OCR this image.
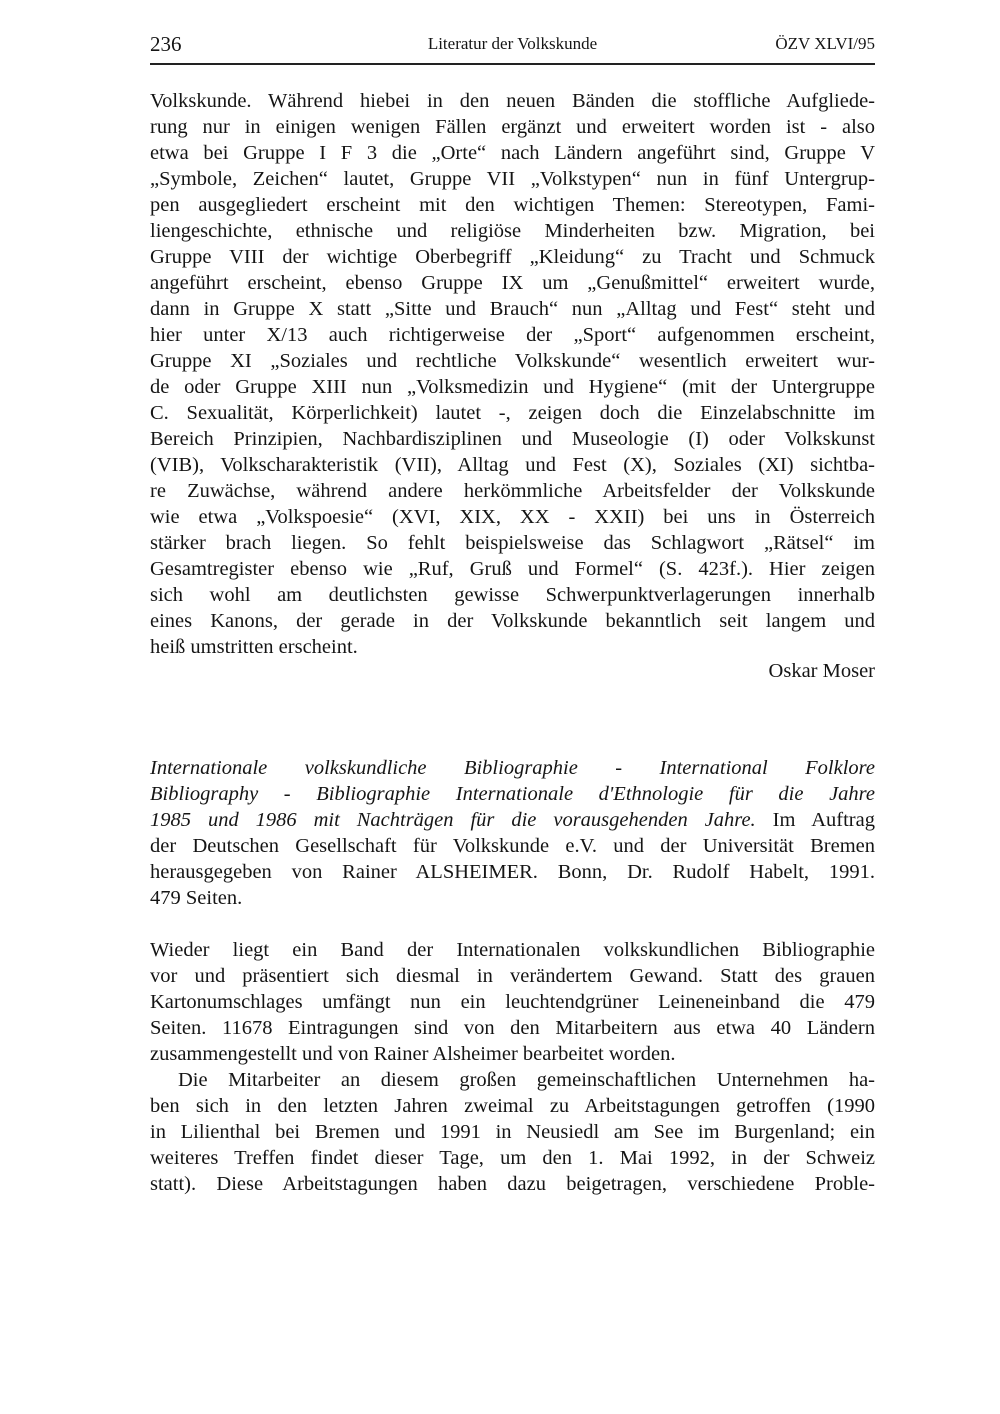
236	Literatur der Volkskunde	ÖZV XLVI/95
Volkskunde. Während hiebei in den neuen Bänden die stoffliche Aufgliede-
rung nur in einigen wenigen Fällen ergänzt und erweitert worden ist - also
etwa bei Gruppe I F 3 die „Orte“ nach Ländern angeführt sind, Gruppe V
„Symbole, Zeichen“ lautet, Gruppe VII „Volkstypen“ nun in fünf Untergrup-
pen ausgegliedert erscheint mit den wichtigen Themen: Stereotypen, Fami-
liengeschichte, ethnische und religiöse Minderheiten bzw. Migration, bei
Gruppe VIII der wichtige Oberbegriff „Kleidung“ zu Tracht und Schmuck
angeführt erscheint, ebenso Gruppe IX um „Genußmittel“ erweitert wurde,
dann in Gruppe X statt „Sitte und Brauch“ nun „Alltag und Fest“ steht und
hier unter X/13 auch richtigerweise der „Sport“ aufgenommen erscheint,
Gruppe XI „Soziales und rechtliche Volkskunde“ wesentlich erweitert wur-
de oder Gruppe XIII nun „Volksmedizin und Hygiene“ (mit der Untergruppe
C. Sexualität, Körperlichkeit) lautet -, zeigen doch die Einzelabschnitte im
Bereich Prinzipien, Nachbardisziplinen und Museologie (I) oder Volkskunst
(VIB), Volkscharakteristik (VII), Alltag und Fest (X), Soziales (XI) sichtba-
re Zuwächse, während andere herkömmliche Arbeitsfelder der Volkskunde
wie etwa „Volkspoesie“ (XVI, XIX, XX - XXII) bei uns in Österreich
stärker brach liegen. So fehlt beispielsweise das Schlagwort „Rätsel“ im
Gesamtregister ebenso wie „Ruf, Gruß und Formel“ (S. 423f.). Hier zeigen
sich wohl am deutlichsten gewisse Schwerpunktverlagerungen innerhalb
eines Kanons, der gerade in der Volkskunde bekanntlich seit langem und
heiß umstritten erscheint.
Oskar Moser
Internationale volkskundliche Bibliographie - International Folklore
Bibliography - Bibliographie Internationale d'Ethnologie für die Jahre
1985 und 1986 mit Nachträgen für die vorausgehenden Jahre. Im Auftrag
der Deutschen Gesellschaft für Volkskunde e.V. und der Universität Bremen
herausgegeben von Rainer ALSHEIMER. Bonn, Dr. Rudolf Habelt, 1991.
479 Seiten.
Wieder liegt ein Band der Internationalen volkskundlichen Bibliographie
vor und präsentiert sich diesmal in verändertem Gewand. Statt des grauen
Kartonumschlages umfängt nun ein leuchtendgrüner Leineneinband die 479
Seiten. 11678 Eintragungen sind von den Mitarbeitern aus etwa 40 Ländern
zusammengestellt und von Rainer Alsheimer bearbeitet worden.
Die Mitarbeiter an diesem großen gemeinschaftlichen Unternehmen ha-
ben sich in den letzten Jahren zweimal zu Arbeitstagungen getroffen (1990
in Lilienthal bei Bremen und 1991 in Neusiedl am See im Burgenland; ein
weiteres Treffen findet dieser Tage, um den 1. Mai 1992, in der Schweiz
statt). Diese Arbeitstagungen haben dazu beigetragen, verschiedene Proble-
